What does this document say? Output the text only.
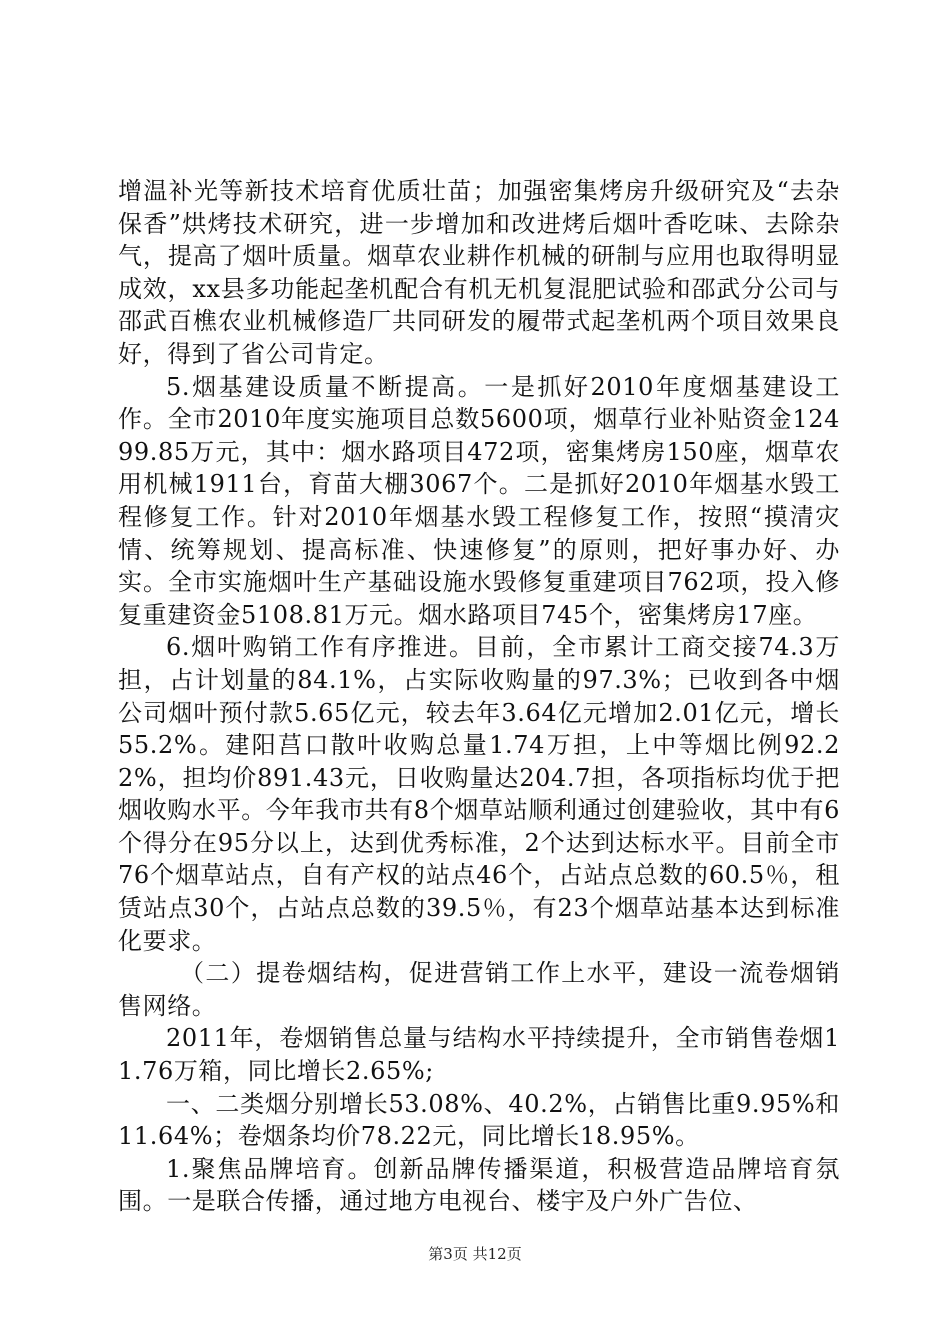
增温补光等新技术培育优质壮苗；加强密集烤房升级研究及“去杂保香”烘烤技术研究，进一步增加和改进烤后烟叶香吃味、去除杂气，提高了烟叶质量。烟草农业耕作机械的研制与应用也取得明显成效，xx县多功能起垄机配合有机无机复混肥试验和邵武分公司与邵武百樵农业机械修造厂共同研发的履带式起垄机两个项目效果良好，得到了省公司肯定。

5.烟基建设质量不断提高。一是抓好2010年度烟基建设工作。全市2010年度实施项目总数5600项，烟草行业补贴资金12499.85万元，其中：烟水路项目472项，密集烤房150座，烟草农用机械1911台，育苗大棚3067个。二是抓好2010年烟基水毁工程修复工作。针对2010年烟基水毁工程修复工作，按照“摸清灾情、统筹规划、提高标准、快速修复”的原则，把好事办好、办实。全市实施烟叶生产基础设施水毁修复重建项目762项，投入修复重建资金5108.81万元。烟水路项目745个，密集烤房17座。

6.烟叶购销工作有序推进。目前，全市累计工商交接74.3万担，占计划量的84.1%，占实际收购量的97.3%；已收到各中烟公司烟叶预付款5.65亿元，较去年3.64亿元增加2.01亿元，增长55.2%。建阳莒口散叶收购总量1.74万担，上中等烟比例92.22%，担均价891.43元，日收购量达204.7担，各项指标均优于把烟收购水平。今年我市共有8个烟草站顺利通过创建验收，其中有6个得分在95分以上，达到优秀标准，2个达到达标水平。目前全市76个烟草站点，自有产权的站点46个，占站点总数的60.5％，租赁站点30个，占站点总数的39.5％，有23个烟草站基本达到标准化要求。

（二）提卷烟结构，促进营销工作上水平，建设一流卷烟销售网络。

2011年，卷烟销售总量与结构水平持续提升，全市销售卷烟11.76万箱，同比增长2.65%;

一、二类烟分别增长53.08%、40.2%，占销售比重9.95%和11.64%；卷烟条均价78.22元，同比增长18.95%。

1.聚焦品牌培育。创新品牌传播渠道，积极营造品牌培育氛围。一是联合传播，通过地方电视台、楼宇及户外广告位、

第3页 共12页
